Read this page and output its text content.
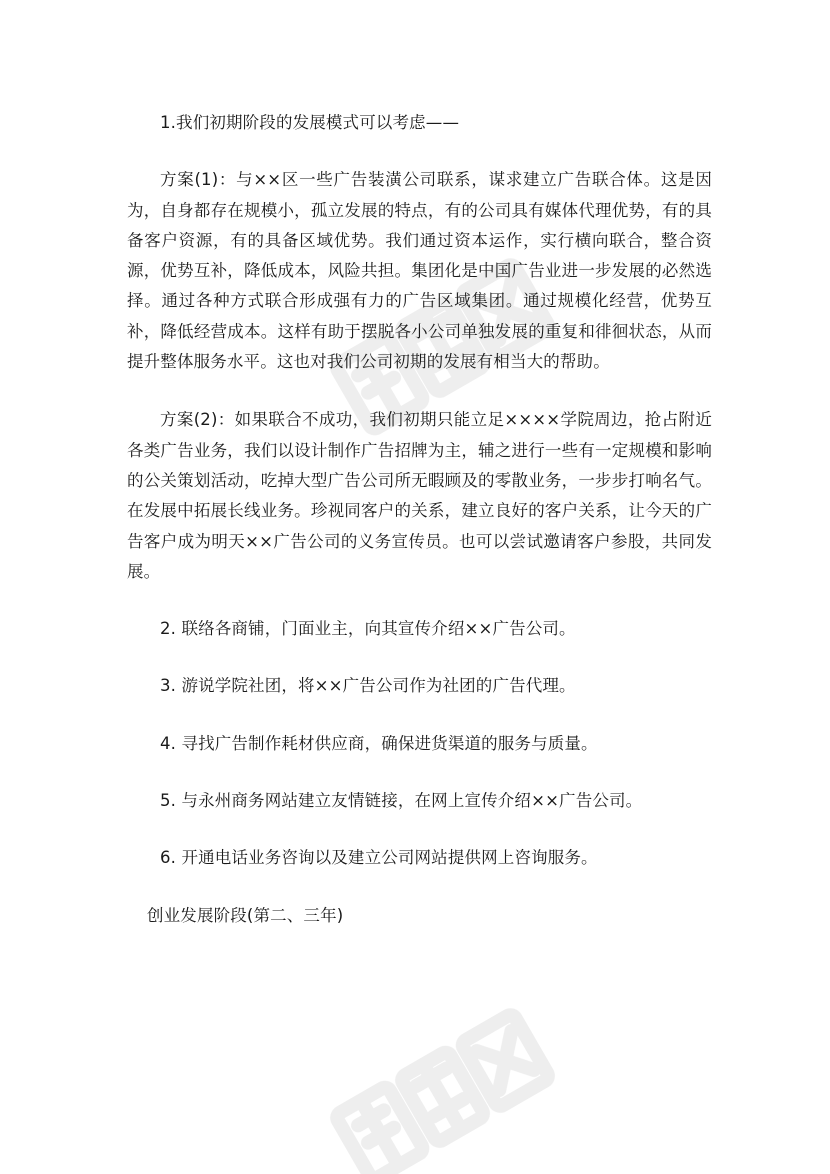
1.我们初期阶段的发展模式可以考虑——

方案(1)：与××区一些广告装潢公司联系，谋求建立广告联合体。这是因为，自身都存在规模小，孤立发展的特点，有的公司具有媒体代理优势，有的具备客户资源，有的具备区域优势。我们通过资本运作，实行横向联合，整合资源，优势互补，降低成本，风险共担。集团化是中国广告业进一步发展的必然选择。通过各种方式联合形成强有力的广告区域集团。通过规模化经营，优势互补，降低经营成本。这样有助于摆脱各小公司单独发展的重复和徘徊状态，从而提升整体服务水平。这也对我们公司初期的发展有相当大的帮助。

方案(2)：如果联合不成功，我们初期只能立足××××学院周边，抢占附近各类广告业务，我们以设计制作广告招牌为主，辅之进行一些有一定规模和影响的公关策划活动，吃掉大型广告公司所无暇顾及的零散业务，一步步打响名气。在发展中拓展长线业务。珍视同客户的关系，建立良好的客户关系，让今天的广告客户成为明天××广告公司的义务宣传员。也可以尝试邀请客户参股，共同发展。

2. 联络各商铺，门面业主，向其宣传介绍××广告公司。

3. 游说学院社团，将××广告公司作为社团的广告代理。

4. 寻找广告制作耗材供应商，确保进货渠道的服务与质量。

5. 与永州商务网站建立友情链接，在网上宣传介绍××广告公司。

6. 开通电话业务咨询以及建立公司网站提供网上咨询服务。

创业发展阶段(第二、三年)
